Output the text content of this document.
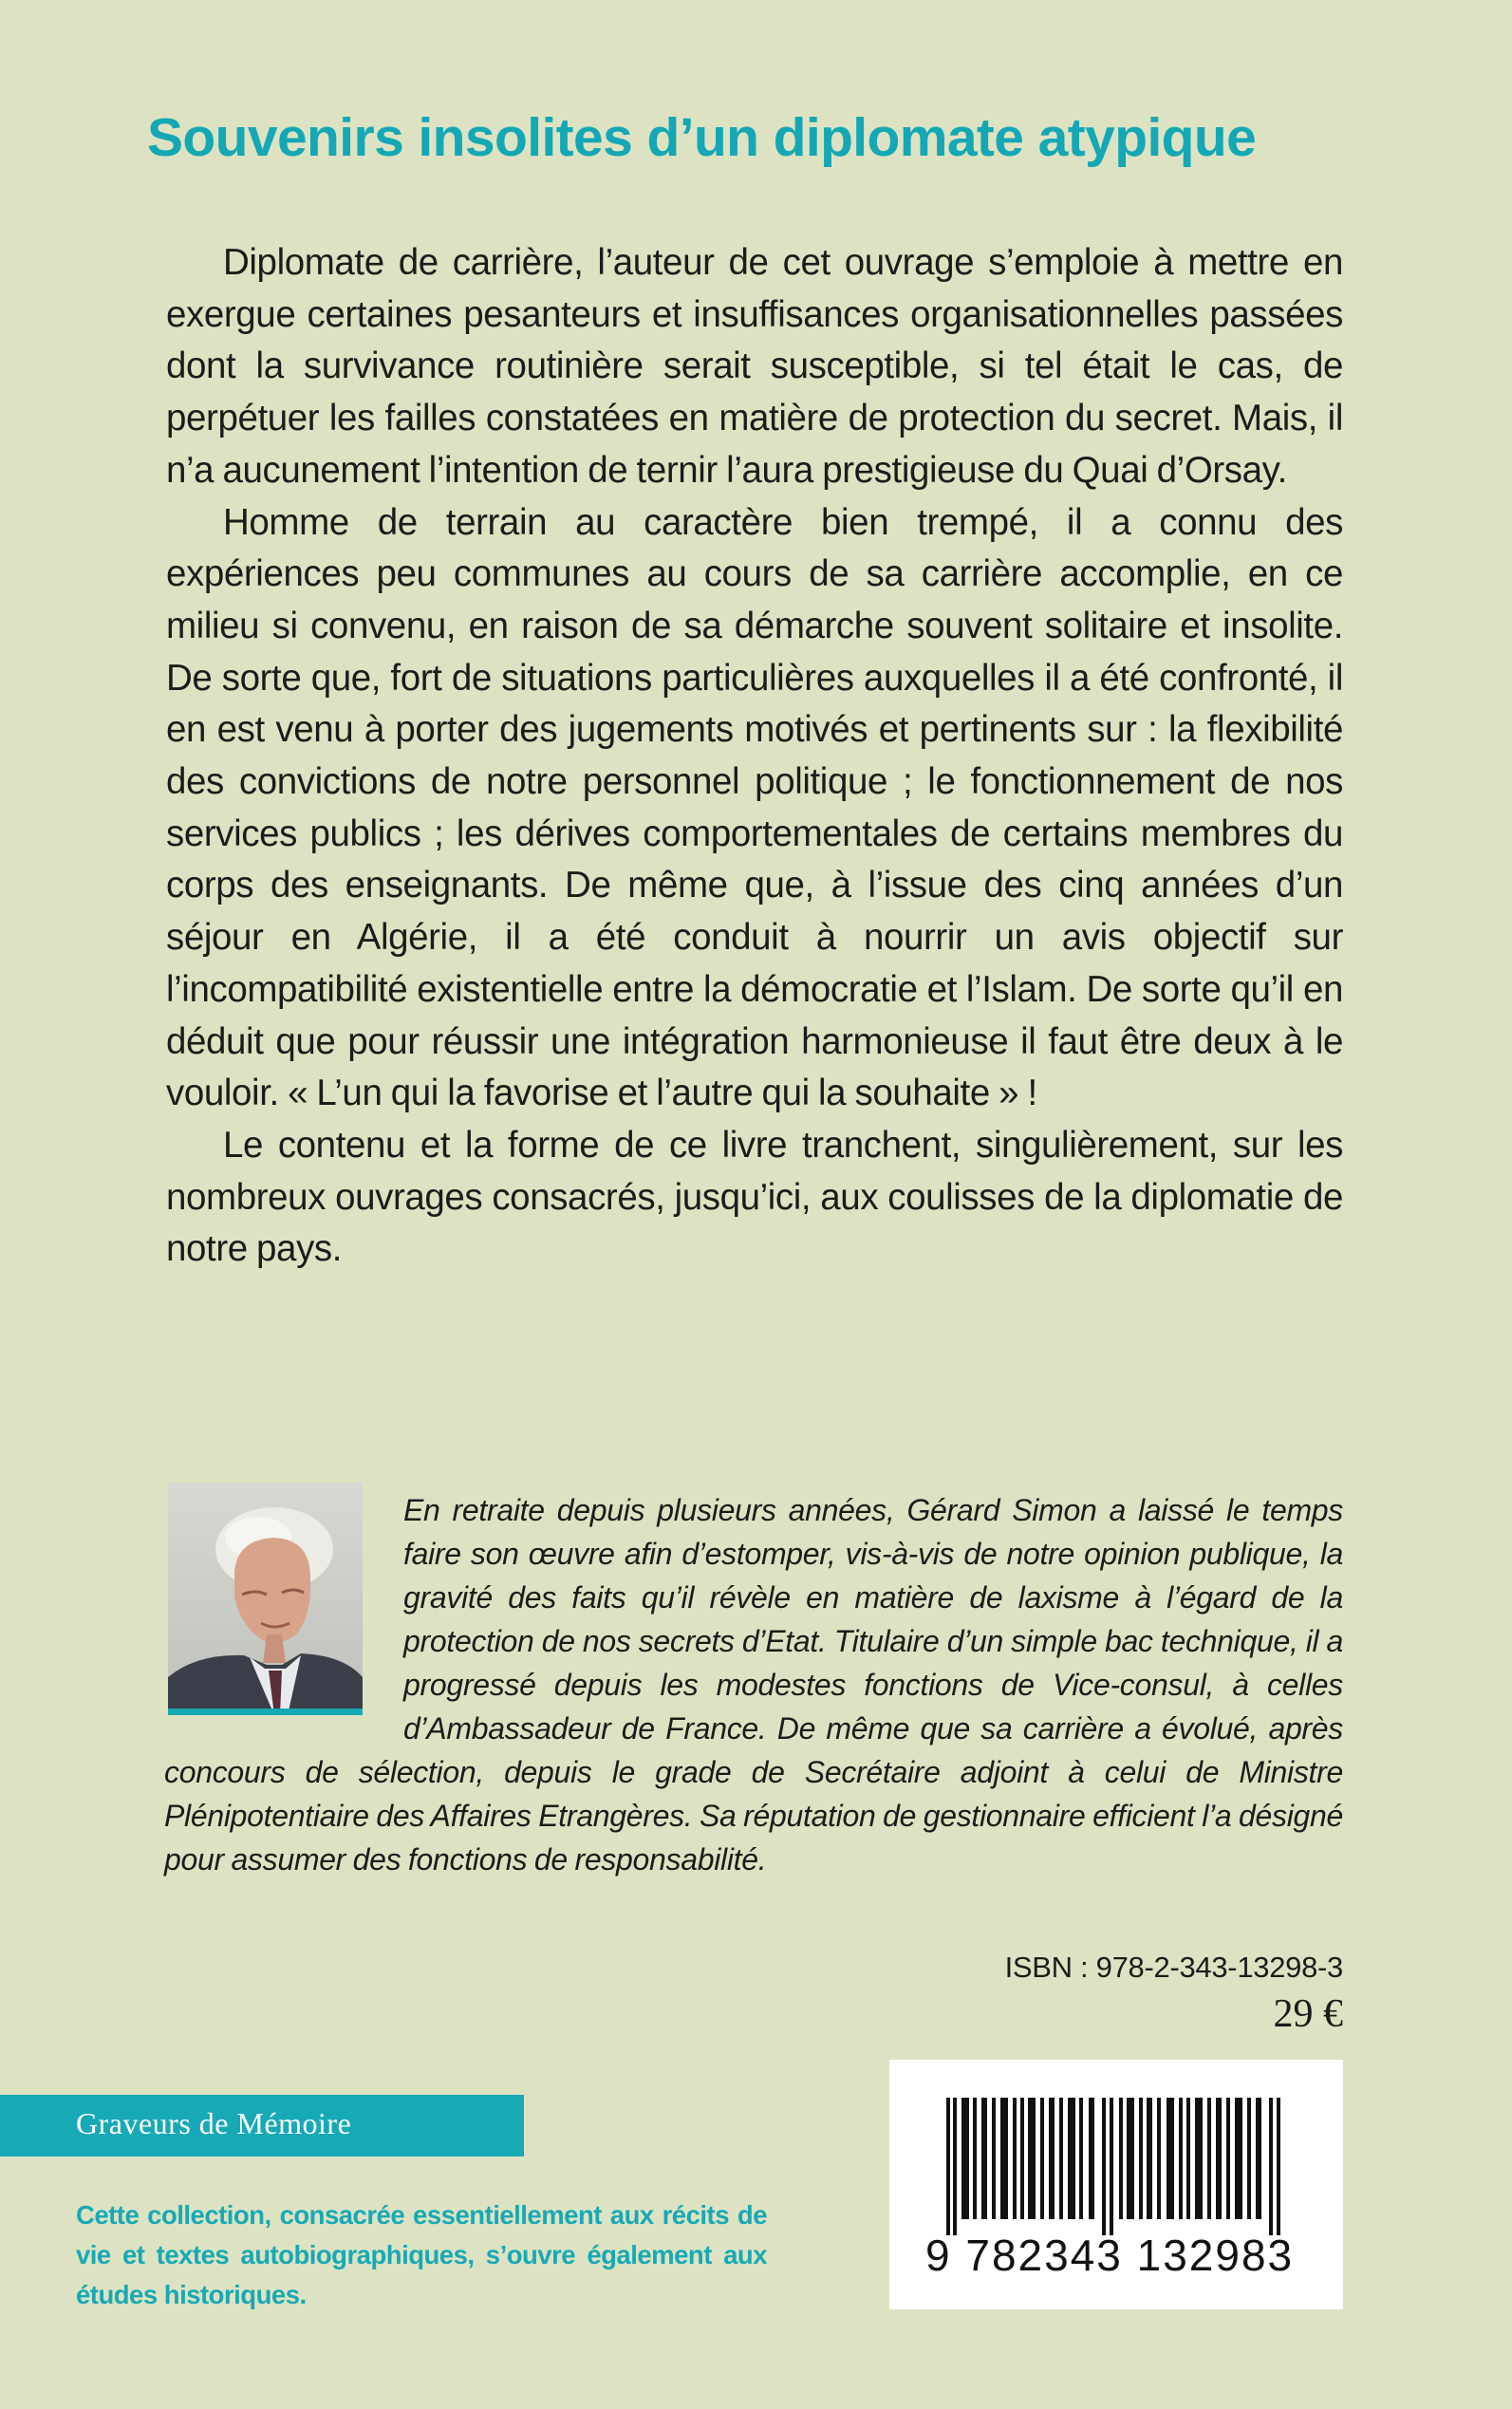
Souvenirs insolites d’un diplomate atypique

Diplomate de carrière, l’auteur de cet ouvrage s’emploie à mettre en exergue certaines pesanteurs et insuffisances organisationnelles passées dont la survivance routinière serait susceptible, si tel était le cas, de perpétuer les failles constatées en matière de protection du secret. Mais, il n’a aucunement l’intention de ternir l’aura prestigieuse du Quai d’Orsay.

Homme de terrain au caractère bien trempé, il a connu des expériences peu communes au cours de sa carrière accomplie, en ce milieu si convenu, en raison de sa démarche souvent solitaire et insolite. De sorte que, fort de situations particulières auxquelles il a été confronté, il en est venu à porter des jugements motivés et pertinents sur : la flexibilité des convictions de notre personnel politique ; le fonctionnement de nos services publics ; les dérives comportementales de certains membres du corps des enseignants. De même que, à l’issue des cinq années d’un séjour en Algérie, il a été conduit à nourrir un avis objectif sur l’incompatibilité existentielle entre la démocratie et l’Islam. De sorte qu’il en déduit que pour réussir une intégration harmonieuse il faut être deux à le vouloir. « L’un qui la favorise et l’autre qui la souhaite » !

Le contenu et la forme de ce livre tranchent, singulièrement, sur les nombreux ouvrages consacrés, jusqu’ici, aux coulisses de la diplomatie de notre pays.

En retraite depuis plusieurs années, Gérard Simon a laissé le temps faire son œuvre afin d’estomper, vis-à-vis de notre opinion publique, la gravité des faits qu’il révèle en matière de laxisme à l’égard de la protection de nos secrets d’Etat. Titulaire d’un simple bac technique, il a progressé depuis les modestes fonctions de Vice-consul, à celles d’Ambassadeur de France. De même que sa carrière a évolué, après concours de sélection, depuis le grade de Secrétaire adjoint à celui de Ministre Plénipotentiaire des Affaires Etrangères. Sa réputation de gestionnaire efficient l’a désigné pour assumer des fonctions de responsabilité.

ISBN : 978-2-343-13298-3
29 €
Graveurs de Mémoire

Cette collection, consacrée essentiellement aux récits de vie et textes autobiographiques, s’ouvre également aux études historiques.

9 782343 132983
